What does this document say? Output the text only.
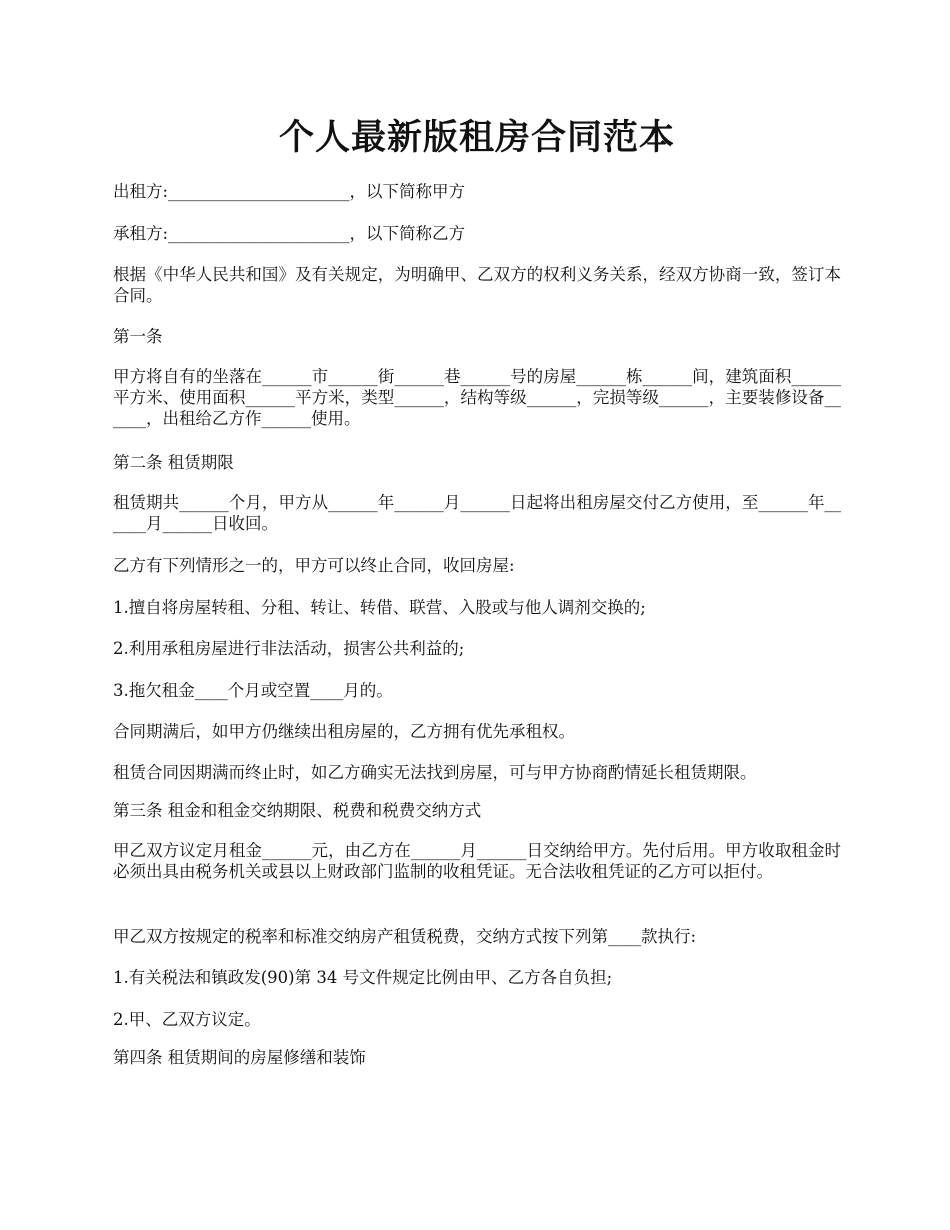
个人最新版租房合同范本

出租方:______________________，以下简称甲方

承租方:______________________，以下简称乙方

根据《中华人民共和国》及有关规定，为明确甲、乙双方的权利义务关系，经双方协商一致，签订本合同。

第一条

甲方将自有的坐落在______市______街______巷______号的房屋______栋______间，建筑面积______平方米、使用面积______平方米，类型______，结构等级______，完损等级______，主要装修设备______，出租给乙方作______使用。

第二条 租赁期限

租赁期共______个月，甲方从______年______月______日起将出租房屋交付乙方使用，至______年______月______日收回。

乙方有下列情形之一的，甲方可以终止合同，收回房屋:

1.擅自将房屋转租、分租、转让、转借、联营、入股或与他人调剂交换的;

2.利用承租房屋进行非法活动，损害公共利益的;

3.拖欠租金____个月或空置____月的。

合同期满后，如甲方仍继续出租房屋的，乙方拥有优先承租权。

租赁合同因期满而终止时，如乙方确实无法找到房屋，可与甲方协商酌情延长租赁期限。

第三条 租金和租金交纳期限、税费和税费交纳方式

甲乙双方议定月租金______元，由乙方在______月______日交纳给甲方。先付后用。甲方收取租金时必须出具由税务机关或县以上财政部门监制的收租凭证。无合法收租凭证的乙方可以拒付。

甲乙双方按规定的税率和标准交纳房产租赁税费，交纳方式按下列第____款执行:

1.有关税法和镇政发(90)第 34 号文件规定比例由甲、乙方各自负担;

2.甲、乙双方议定。

第四条 租赁期间的房屋修缮和装饰
